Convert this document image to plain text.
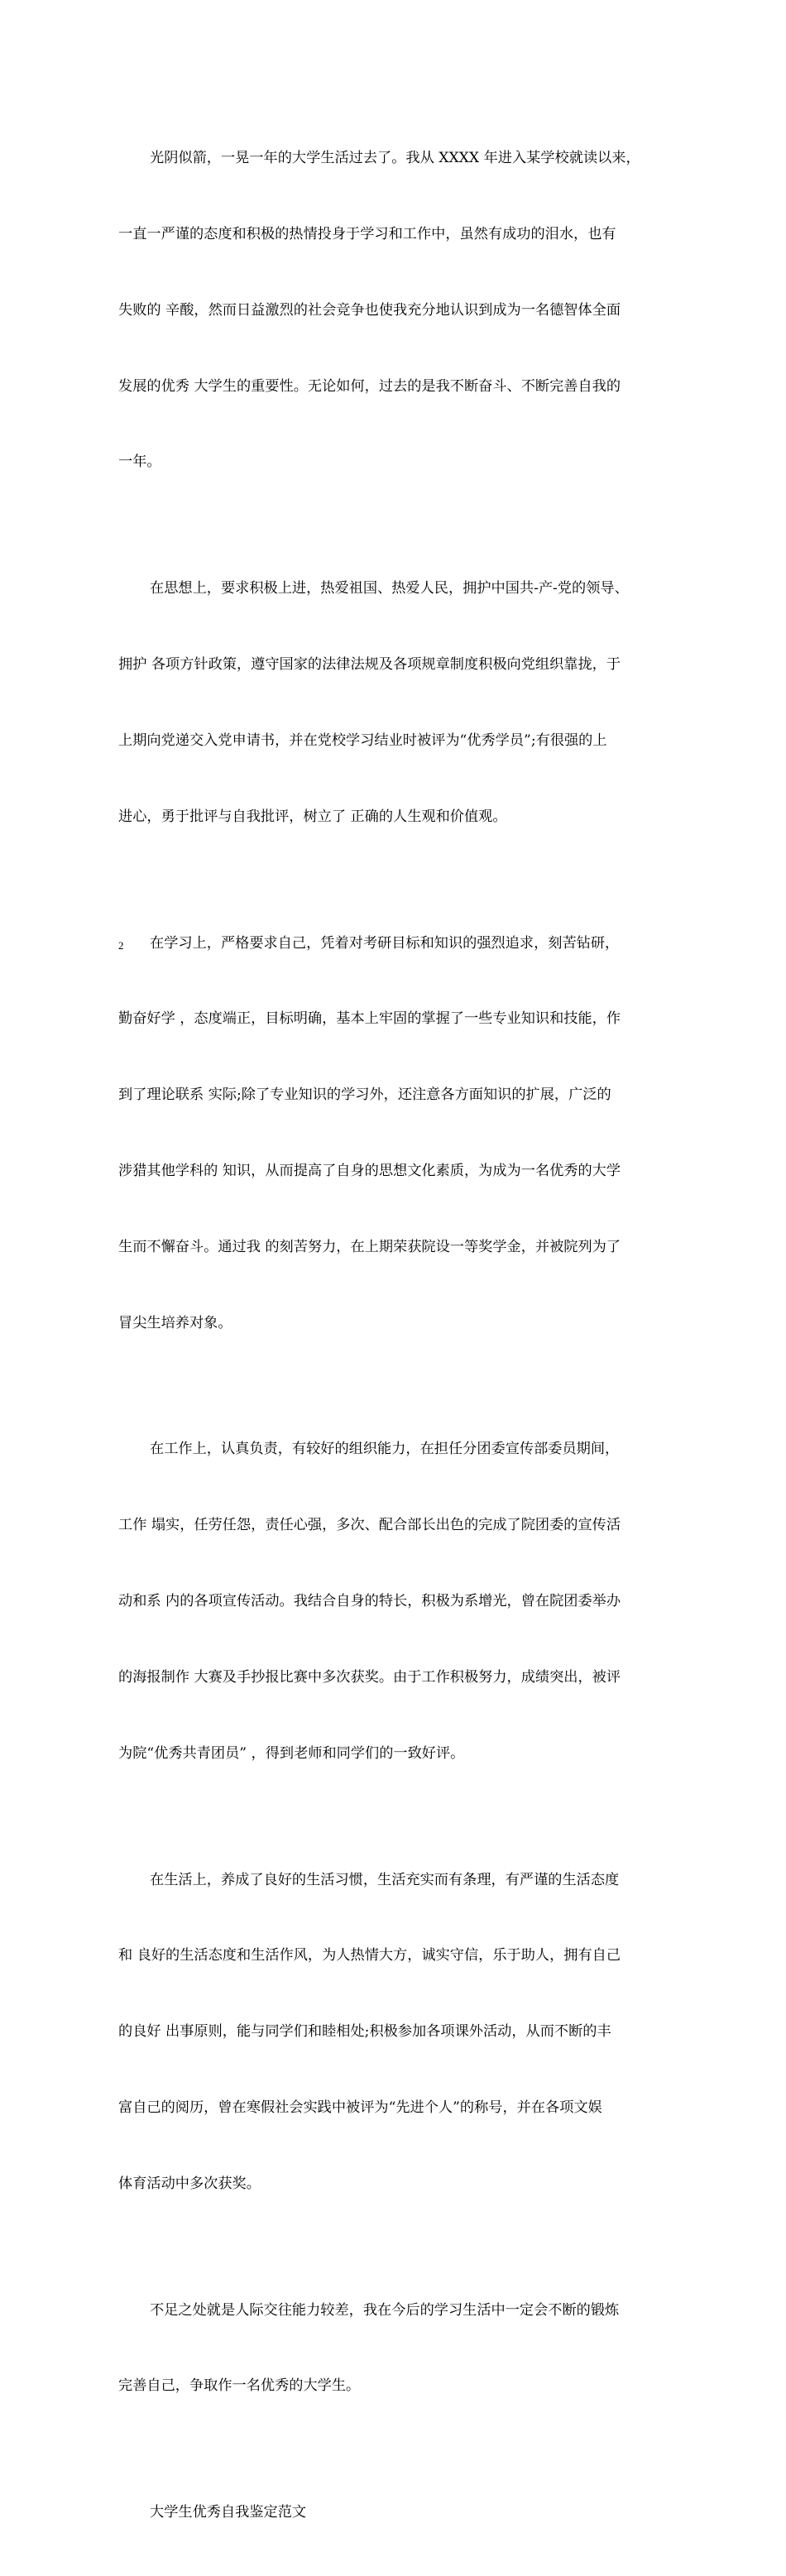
光阴似箭，一晃一年的大学生活过去了。我从 XXXX 年进入某学校就读以来，

一直一严谨的态度和积极的热情投身于学习和工作中，虽然有成功的泪水，也有

失败的 辛酸，然而日益激烈的社会竞争也使我充分地认识到成为一名德智体全面

发展的优秀 大学生的重要性。无论如何，过去的是我不断奋斗、不断完善自我的

一年。

在思想上，要求积极上进，热爱祖国、热爱人民，拥护中国共-产-党的领导、

拥护 各项方针政策，遵守国家的法律法规及各项规章制度积极向党组织靠拢，于

上期向党递交入党申请书，并在党校学习结业时被评为“优秀学员”;有很强的上

进心，勇于批评与自我批评，树立了 正确的人生观和价值观。

在学习上，严格要求自己，凭着对考研目标和知识的强烈追求，刻苦钻研，

勤奋好学 ，态度端正，目标明确，基本上牢固的掌握了一些专业知识和技能，作

到了理论联系 实际;除了专业知识的学习外，还注意各方面知识的扩展，广泛的

涉猎其他学科的 知识，从而提高了自身的思想文化素质，为成为一名优秀的大学

生而不懈奋斗。通过我 的刻苦努力，在上期荣获院设一等奖学金，并被院列为了

冒尖生培养对象。

在工作上，认真负责，有较好的组织能力，在担任分团委宣传部委员期间，

工作 塌实，任劳任怨，责任心强，多次、配合部长出色的完成了院团委的宣传活

动和系 内的各项宣传活动。我结合自身的特长，积极为系增光，曾在院团委举办

的海报制作 大赛及手抄报比赛中多次获奖。由于工作积极努力，成绩突出，被评

为院“优秀共青团员” ，得到老师和同学们的一致好评。

在生活上，养成了良好的生活习惯，生活充实而有条理，有严谨的生活态度

和 良好的生活态度和生活作风，为人热情大方，诚实守信，乐于助人，拥有自己

的良好 出事原则，能与同学们和睦相处;积极参加各项课外活动，从而不断的丰

富自己的阅历，曾在寒假社会实践中被评为“先进个人”的称号，并在各项文娱

体育活动中多次获奖。

不足之处就是人际交往能力较差，我在今后的学习生活中一定会不断的锻炼

完善自己，争取作一名优秀的大学生。

大学生优秀自我鉴定范文

2
